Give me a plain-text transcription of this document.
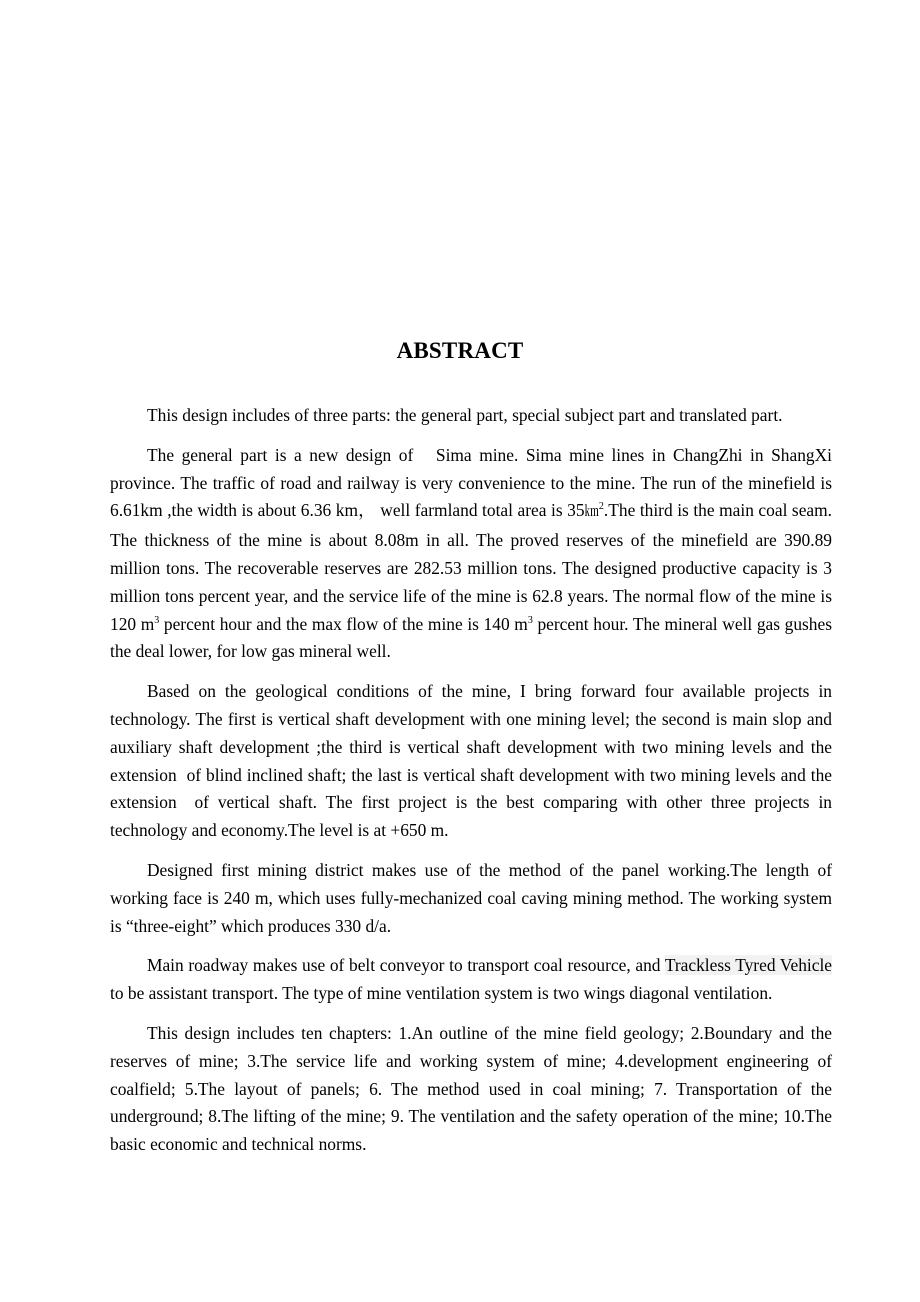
ABSTRACT

This design includes of three parts: the general part, special subject part and translated part.

The general part is a new design of   Sima mine. Sima mine lines in ChangZhi in ShangXi province. The traffic of road and railway is very convenience to the mine. The run of the minefield is 6.61km ,the width is about 6.36 km， well farmland total area is 35㎞$^2$.The third is the main coal seam. The thickness of the mine is about 8.08m in all. The proved reserves of the minefield are 390.89 million tons. The recoverable reserves are 282.53 million tons. The designed productive capacity is 3 million tons percent year, and the service life of the mine is 62.8 years. The normal flow of the mine is 120 $m^3$ percent hour and the max flow of the mine is 140 $m^3$ percent hour. The mineral well gas gushes the deal lower, for low gas mineral well.

Based on the geological conditions of the mine, I bring forward four available projects in technology. The first is vertical shaft development with one mining level; the second is main slop and auxiliary shaft development ;the third is vertical shaft development with two mining levels and the extension  of blind inclined shaft; the last is vertical shaft development with two mining levels and the extension  of vertical shaft. The first project is the best comparing with other three projects in technology and economy.The level is at +650 m.

Designed first mining district makes use of the method of the panel working.The length of working face is 240 m, which uses fully-mechanized coal caving mining method. The working system is “three-eight” which produces 330 d/a.

Main roadway makes use of belt conveyor to transport coal resource, and Trackless Tyred Vehicle to be assistant transport. The type of mine ventilation system is two wings diagonal ventilation.

This design includes ten chapters: 1.An outline of the mine field geology; 2.Boundary and the reserves of mine; 3.The service life and working system of mine; 4.development engineering of coalfield; 5.The layout of panels; 6. The method used in coal mining; 7. Transportation of the underground; 8.The lifting of the mine; 9. The ventilation and the safety operation of the mine; 10.The basic economic and technical norms.
